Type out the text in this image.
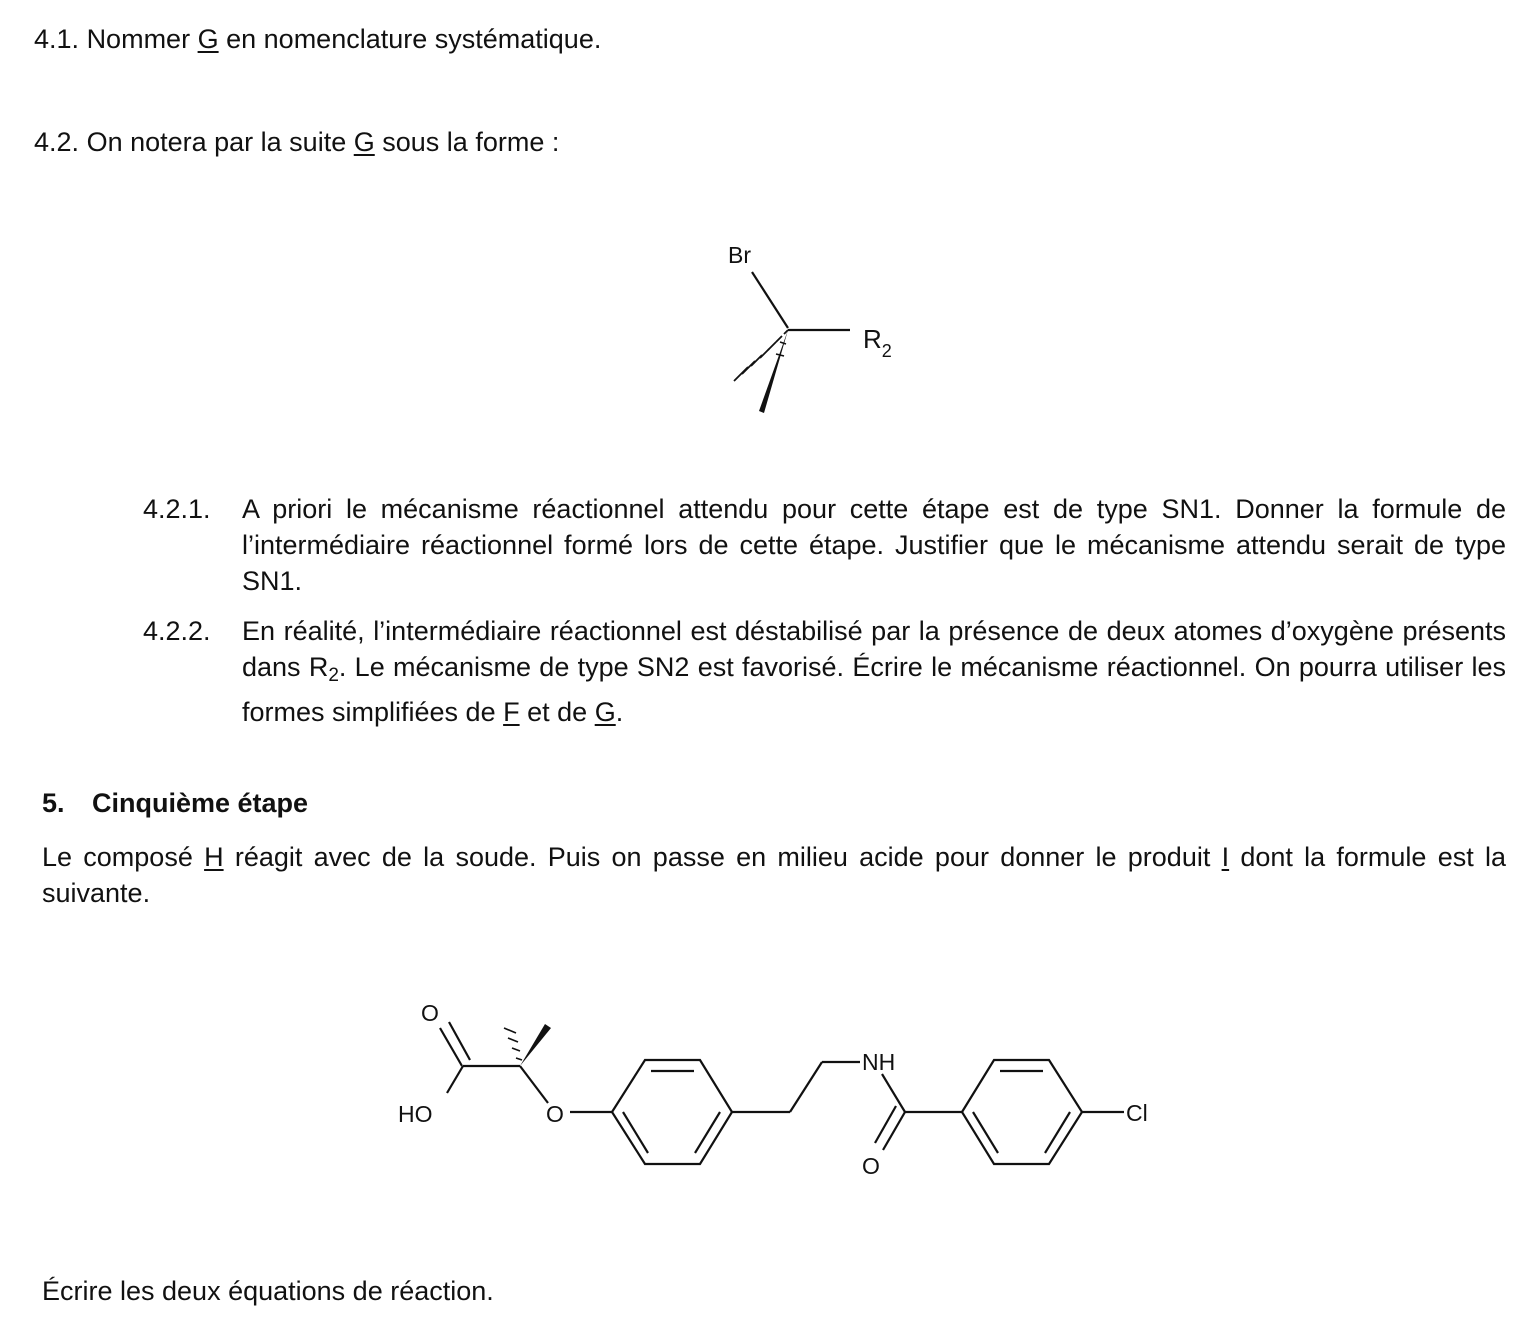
4.1. Nommer G en nomenclature systématique.
4.2. On notera par la suite G sous la forme :
Br
$R_2$
4.2.1. A priori le mécanisme réactionnel attendu pour cette étape est de type SN1. Donner la formule de l’intermédiaire réactionnel formé lors de cette étape. Justifier que le mécanisme attendu serait de type SN1.
4.2.2. En réalité, l’intermédiaire réactionnel est déstabilisé par la présence de deux atomes d’oxygène présents dans $R_2$. Le mécanisme de type SN2 est favorisé. Écrire le mécanisme réactionnel. On pourra utiliser les formes simplifiées de F et de G.
5. Cinquième étape
Le composé H réagit avec de la soude. Puis on passe en milieu acide pour donner le produit I dont la formule est la suivante.
O
HO	O
NH
O
Cl
Écrire les deux équations de réaction.
